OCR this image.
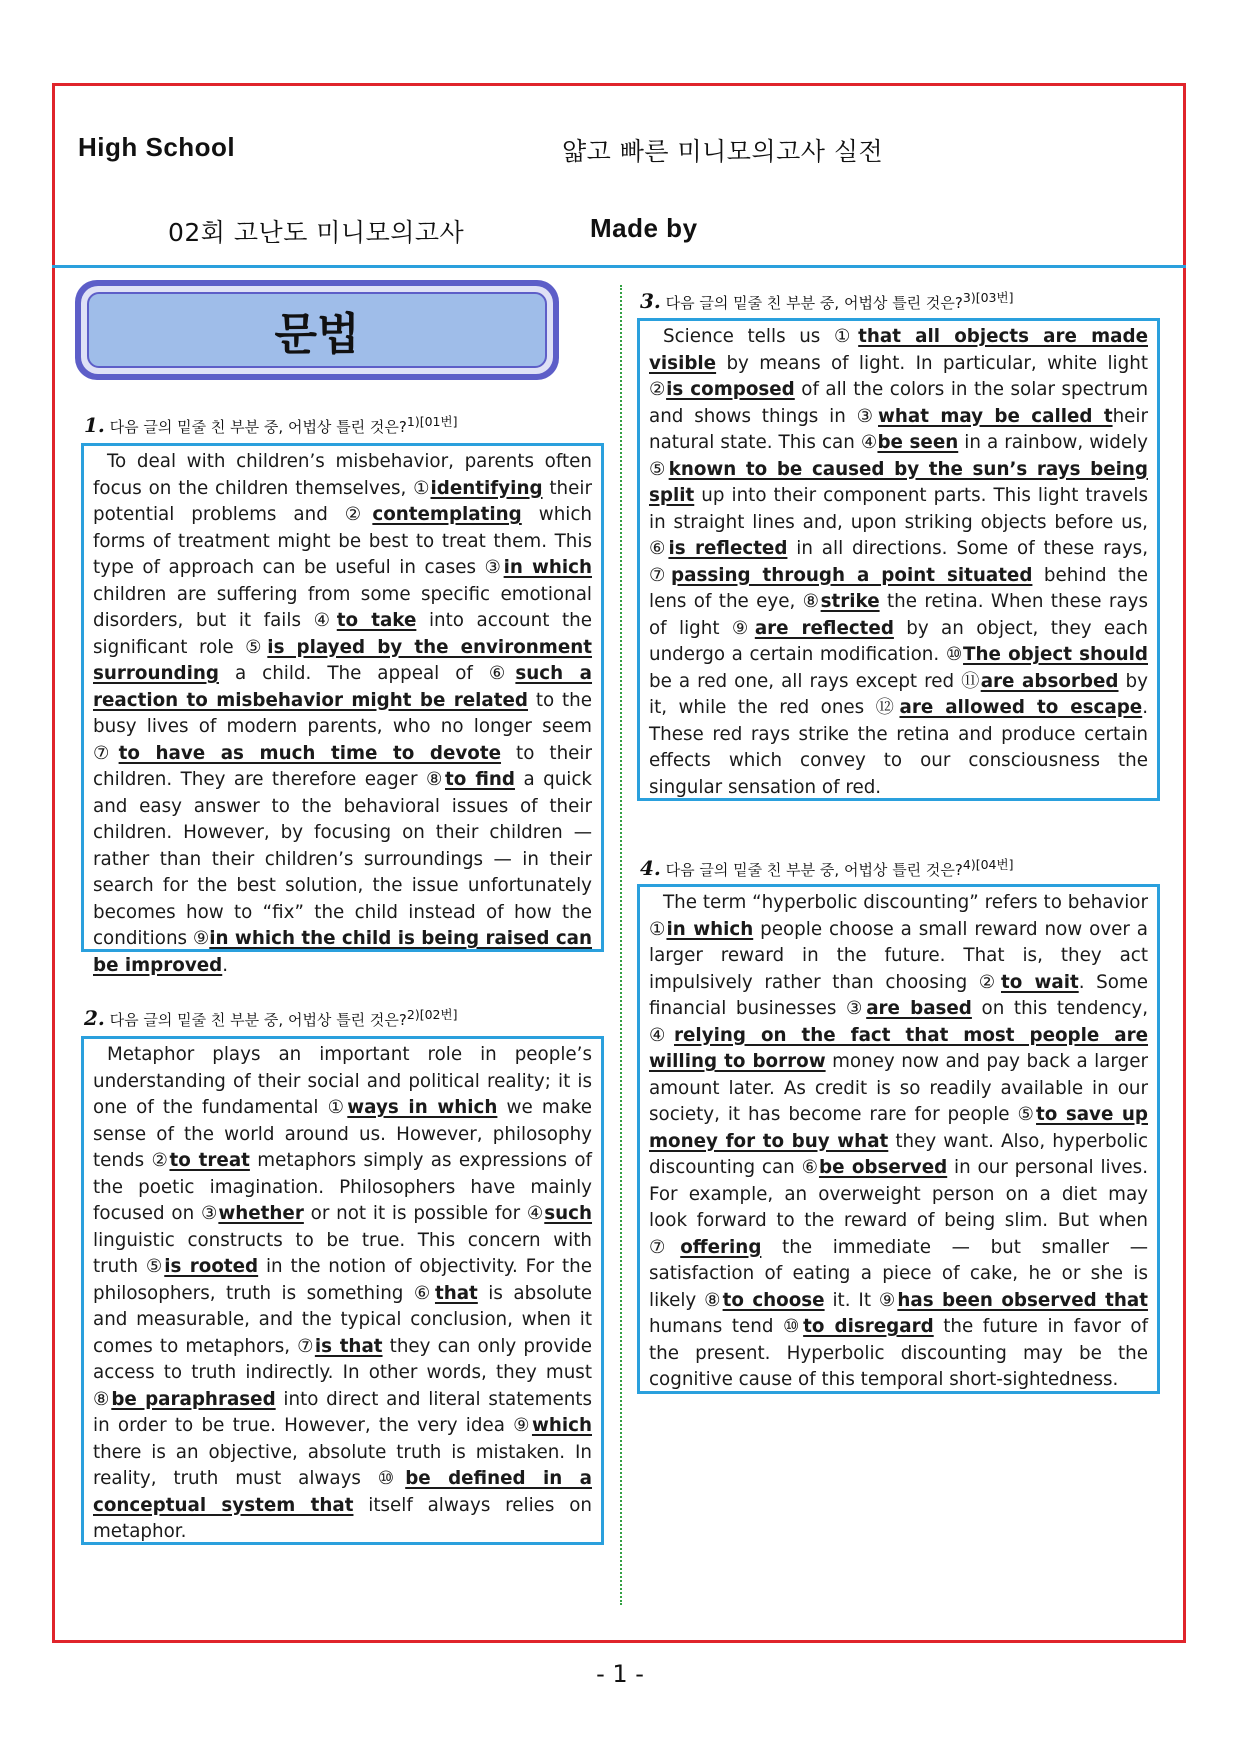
High School	얇고 빠른 미니모의고사 실전
02회 고난도 미니모의고사	Made by
문법
1. 다음 글의 밑줄 친 부분 중, 어법상 틀린 것은?$^{1)[01번]}$
To deal with children’s misbehavior, parents often focus on the children themselves, ①identifying their potential problems and ②contemplating which forms of treatment might be best to treat them. This type of approach can be useful in cases ③in which children are suffering from some specific emotional disorders, but it fails ④to take into account the significant role ⑤is played by the environment surrounding a child. The appeal of ⑥such a reaction to misbehavior might be related to the busy lives of modern parents, who no longer seem ⑦to have as much time to devote to their children. They are therefore eager ⑧to find a quick and easy answer to the behavioral issues of their children. However, by focusing on their children — rather than their children’s surroundings — in their search for the best solution, the issue unfortunately becomes how to “fix” the child instead of how the conditions ⑨in which the child is being raised can be improved.
2. 다음 글의 밑줄 친 부분 중, 어법상 틀린 것은?$^{2)[02번]}$
Metaphor plays an important role in people’s understanding of their social and political reality; it is one of the fundamental ①ways in which we make sense of the world around us. However, philosophy tends ②to treat metaphors simply as expressions of the poetic imagination. Philosophers have mainly focused on ③whether or not it is possible for ④such linguistic constructs to be true. This concern with truth ⑤is rooted in the notion of objectivity. For the philosophers, truth is something ⑥that is absolute and measurable, and the typical conclusion, when it comes to metaphors, ⑦is that they can only provide access to truth indirectly. In other words, they must ⑧be paraphrased into direct and literal statements in order to be true. However, the very idea ⑨which there is an objective, absolute truth is mistaken. In reality, truth must always ⑩be defined in a conceptual system that itself always relies on metaphor.
3. 다음 글의 밑줄 친 부분 중, 어법상 틀린 것은?$^{3)[03번]}$
Science tells us ①that all objects are made visible by means of light. In particular, white light ②is composed of all the colors in the solar spectrum and shows things in ③what may be called their natural state. This can ④be seen in a rainbow, widely ⑤known to be caused by the sun’s rays being split up into their component parts. This light travels in straight lines and, upon striking objects before us, ⑥is reflected in all directions. Some of these rays, ⑦passing through a point situated behind the lens of the eye, ⑧strike the retina. When these rays of light ⑨are reflected by an object, they each undergo a certain modification. ⑩The object should be a red one, all rays except red ⑪are absorbed by it, while the red ones ⑫are allowed to escape. These red rays strike the retina and produce certain effects which convey to our consciousness the singular sensation of red.
4. 다음 글의 밑줄 친 부분 중, 어법상 틀린 것은?$^{4)[04번]}$
The term “hyperbolic discounting” refers to behavior ①in which people choose a small reward now over a larger reward in the future. That is, they act impulsively rather than choosing ②to wait. Some financial businesses ③are based on this tendency, ④relying on the fact that most people are willing to borrow money now and pay back a larger amount later. As credit is so readily available in our society, it has become rare for people ⑤to save up money for to buy what they want. Also, hyperbolic discounting can ⑥be observed in our personal lives. For example, an overweight person on a diet may look forward to the reward of being slim. But when ⑦offering the immediate — but smaller — satisfaction of eating a piece of cake, he or she is likely ⑧to choose it. It ⑨has been observed that humans tend ⑩to disregard the future in favor of the present. Hyperbolic discounting may be the cognitive cause of this temporal short-sightedness.
- 1 -
